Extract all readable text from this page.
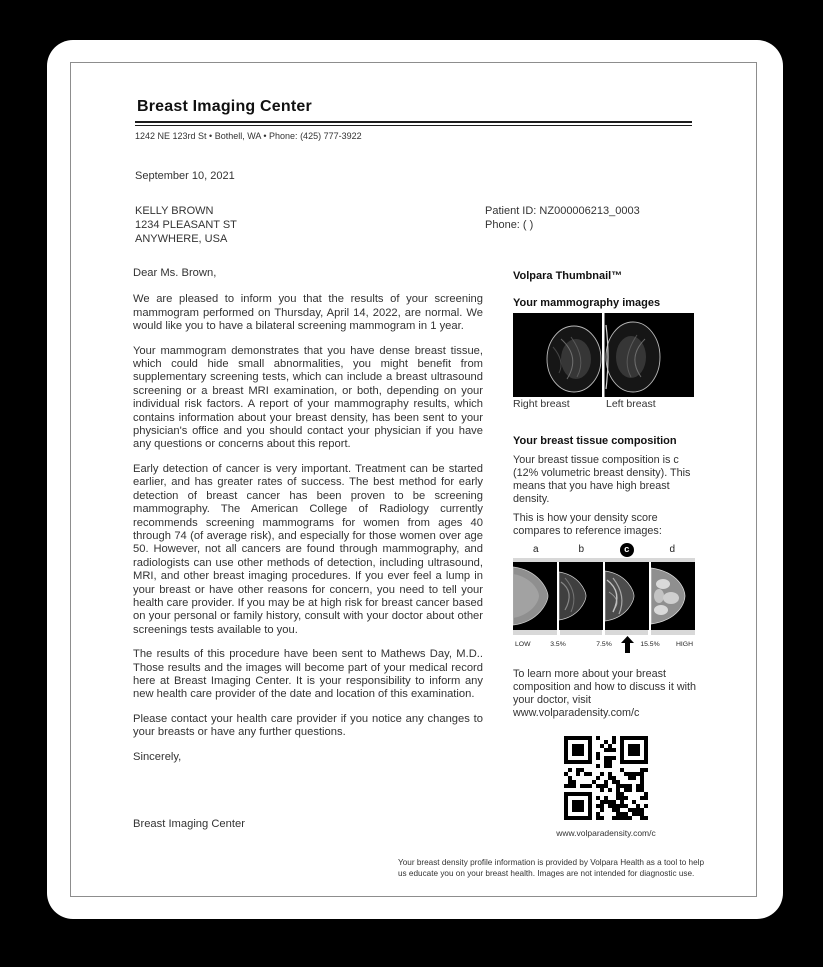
Breast Imaging Center
1242 NE 123rd St • Bothell, WA • Phone: (425) 777-3922
September 10, 2021
KELLY BROWN
1234 PLEASANT ST
ANYWHERE, USA
Patient ID: NZ000006213_0003
Phone: ( )

Dear Ms. Brown,

We are pleased to inform you that the results of your screening mammogram performed on Thursday, April 14, 2022, are normal. We would like you to have a bilateral screening mammogram in 1 year.

Your mammogram demonstrates that you have dense breast tissue, which could hide small abnormalities, you might benefit from supplementary screening tests, which can include a breast ultrasound screening or a breast MRI examination, or both, depending on your individual risk factors. A report of your mammography results, which contains information about your breast density, has been sent to your physician's office and you should contact your physician if you have any questions or concerns about this report.

Early detection of cancer is very important. Treatment can be started earlier, and has greater rates of success. The best method for early detection of breast cancer has been proven to be screening mammography. The American College of Radiology currently recommends screening mammograms for women from ages 40 through 74 (of average risk), and especially for those women over age 50. However, not all cancers are found through mammography, and radiologists can use other methods of detection, including ultrasound, MRI, and other breast imaging procedures. If you ever feel a lump in your breast or have other reasons for concern, you need to tell your health care provider. If you may be at high risk for breast cancer based on your personal or family history, consult with your doctor about other screenings tests available to you.

The results of this procedure have been sent to Mathews Day, M.D.. Those results and the images will become part of your medical record here at Breast Imaging Center. It is your responsibility to inform any new health care provider of the date and location of this examination.

Please contact your health care provider if you notice any changes to your breasts or have any further questions.

Sincerely,

Breast Imaging Center
Volpara Thumbnail™
Your mammography images
Right breast	Left breast
Your breast tissue composition
Your breast tissue composition is c (12% volumetric breast density). This means that you have high breast density.
This is how your density score compares to reference images:
a	b	c	d
LOW	3.5%	7.5%	15.5% HIGH
To learn more about your breast composition and how to discuss it with your doctor, visit www.volparadensity.com/c
www.volparadensity.com/c
Your breast density profile information is provided by Volpara Health as a tool to help
us educate you on your breast health. Images are not intended for diagnostic use.
